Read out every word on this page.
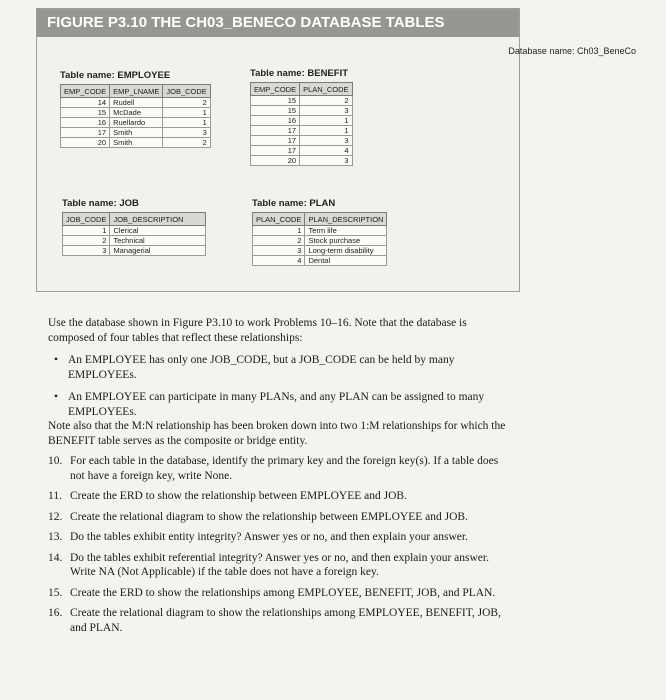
FIGURE P3.10 THE CH03_BENECO DATABASE TABLES
Database name: Ch03_BeneCo
Table name: EMPLOYEE
EMP_CODE	EMP_LNAME	JOB_CODE
14	Rudell	2
15	McDade	1
16	Ruellardo	1
17	Smith	3
20	Smith	2
Table name: BENEFIT
EMP_CODE	PLAN_CODE
15	2
15	3
16	1
17	1
17	3
17	4
20	3
Table name: JOB
JOB_CODE	JOB_DESCRIPTION
1	Clerical
2	Technical
3	Managerial
Table name: PLAN
PLAN_CODE	PLAN_DESCRIPTION
1	Term life
2	Stock purchase
3	Long-term disability
4	Dental

Use the database shown in Figure P3.10 to work Problems 10–16. Note that the database is composed of four tables that reflect these relationships:

• An EMPLOYEE has only one JOB_CODE, but a JOB_CODE can be held by many EMPLOYEEs.
• An EMPLOYEE can participate in many PLANs, and any PLAN can be assigned to many EMPLOYEEs.

Note also that the M:N relationship has been broken down into two 1:M relationships for which the BENEFIT table serves as the composite or bridge entity.

10. For each table in the database, identify the primary key and the foreign key(s). If a table does not have a foreign key, write None.
11. Create the ERD to show the relationship between EMPLOYEE and JOB.
12. Create the relational diagram to show the relationship between EMPLOYEE and JOB.
13. Do the tables exhibit entity integrity? Answer yes or no, and then explain your answer.
14. Do the tables exhibit referential integrity? Answer yes or no, and then explain your answer. Write NA (Not Applicable) if the table does not have a foreign key.
15. Create the ERD to show the relationships among EMPLOYEE, BENEFIT, JOB, and PLAN.
16. Create the relational diagram to show the relationships among EMPLOYEE, BENEFIT, JOB, and PLAN.
